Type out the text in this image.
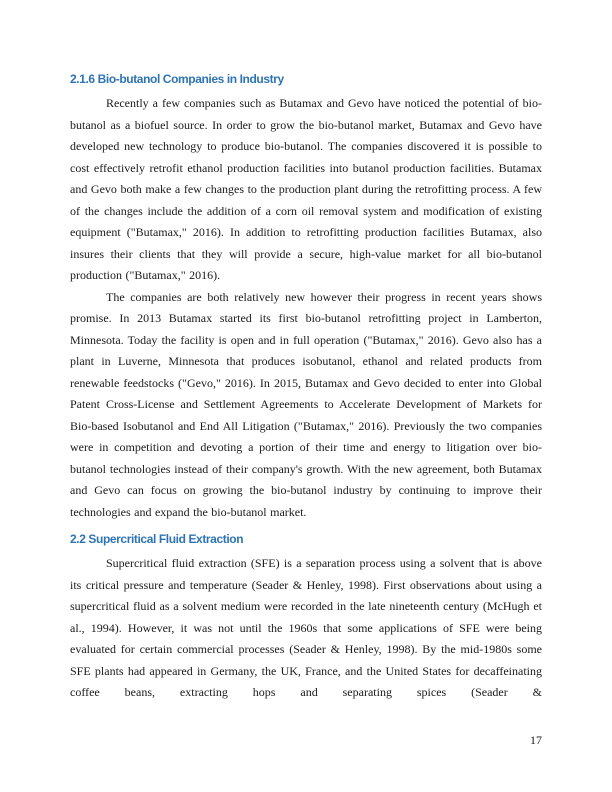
2.1.6 Bio-butanol Companies in Industry

Recently a few companies such as Butamax and Gevo have noticed the potential of bio-butanol as a biofuel source. In order to grow the bio-butanol market, Butamax and Gevo have developed new technology to produce bio-butanol. The companies discovered it is possible to cost effectively retrofit ethanol production facilities into butanol production facilities. Butamax and Gevo both make a few changes to the production plant during the retrofitting process. A few of the changes include the addition of a corn oil removal system and modification of existing equipment ("Butamax," 2016). In addition to retrofitting production facilities Butamax, also insures their clients that they will provide a secure, high-value market for all bio-butanol production ("Butamax," 2016).

The companies are both relatively new however their progress in recent years shows promise. In 2013 Butamax started its first bio-butanol retrofitting project in Lamberton, Minnesota. Today the facility is open and in full operation ("Butamax," 2016). Gevo also has a plant in Luverne, Minnesota that produces isobutanol, ethanol and related products from renewable feedstocks ("Gevo," 2016). In 2015, Butamax and Gevo decided to enter into Global Patent Cross-License and Settlement Agreements to Accelerate Development of Markets for Bio-based Isobutanol and End All Litigation ("Butamax," 2016). Previously the two companies were in competition and devoting a portion of their time and energy to litigation over bio-butanol technologies instead of their company's growth. With the new agreement, both Butamax and Gevo can focus on growing the bio-butanol industry by continuing to improve their technologies and expand the bio-butanol market.

2.2 Supercritical Fluid Extraction

Supercritical fluid extraction (SFE) is a separation process using a solvent that is above its critical pressure and temperature (Seader & Henley, 1998). First observations about using a supercritical fluid as a solvent medium were recorded in the late nineteenth century (McHugh et al., 1994). However, it was not until the 1960s that some applications of SFE were being evaluated for certain commercial processes (Seader & Henley, 1998). By the mid-1980s some SFE plants had appeared in Germany, the UK, France, and the United States for decaffeinating coffee beans, extracting hops and separating spices (Seader &

17
